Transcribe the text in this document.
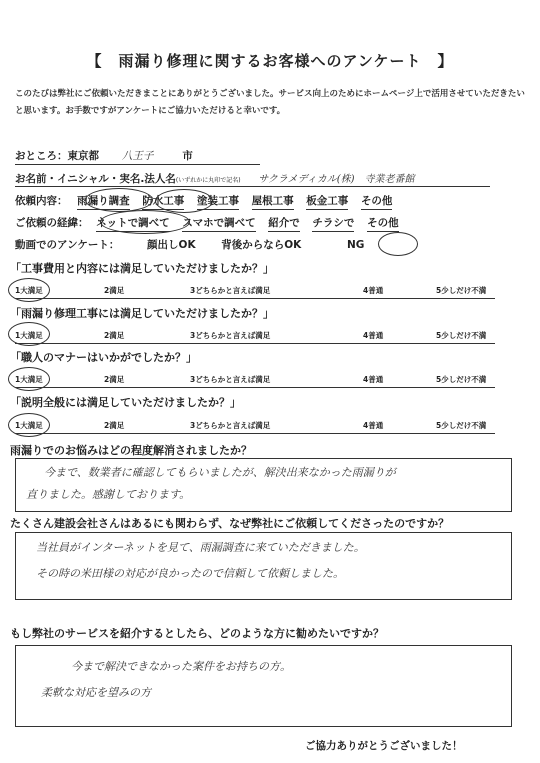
【　雨漏り修理に関するお客様へのアンケート　】
このたびは弊社にご依頼いただきまことにありがとうございました。サービス向上のためにホームページ上で活用させていただきたいと思います。お手数ですがアンケートにご協力いただけると幸いです。
おところ：東京都 八王子	市
お名前・イニシャル・実名.法人名(いずれかに丸印で記名) サクラメディカル(株)　寺業老番館
依頼内容： 雨漏り調査 防水工事 塗装工事 屋根工事 板金工事 その他
ご依頼の経緯： ネットで調べて スマホで調べて 紹介で チラシで その他
動画でのアンケート：	顔出しOK 背後からならOK	NG
「工事費用と内容には満足していただけましたか？」
1大満足	2満足	3どちらかと言えば満足	4普通	5少しだけ不満
「雨漏り修理工事には満足していただけましたか？」
1大満足	2満足	3どちらかと言えば満足	4普通	5少しだけ不満
「職人のマナーはいかがでしたか？」
1大満足	2満足	3どちらかと言えば満足	4普通	5少しだけ不満
「説明全般には満足していただけましたか？」
1大満足	2満足	3どちらかと言えば満足	4普通	5少しだけ不満
雨漏りでのお悩みはどの程度解消されましたか？
今まで、数業者に確認してもらいましたが、解決出来なかった雨漏りが
直りました。感謝しております。
たくさん建設会社さんはあるにも関わらず、なぜ弊社にご依頼してくださったのですか？
当社員がインターネットを見て、雨漏調査に来ていただきました。
その時の米田様の対応が良かったので信頼して依頼しました。
もし弊社のサービスを紹介するとしたら、どのような方に勧めたいですか？
今まで解決できなかった案件をお持ちの方。
柔軟な対応を望みの方
ご協力ありがとうございました！
